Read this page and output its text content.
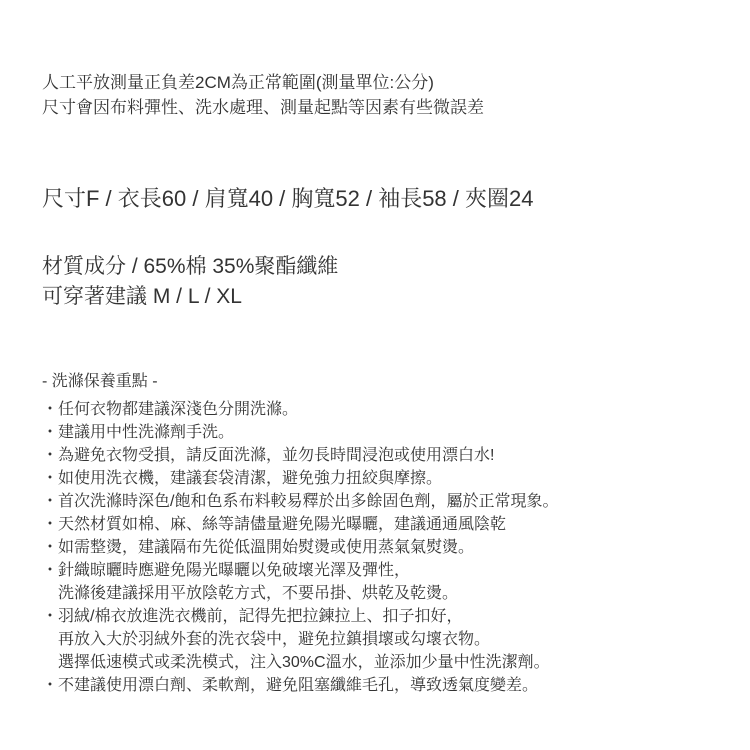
人工平放測量正負差2CM為正常範圍(測量單位:公分)
尺寸會因布料彈性、洗水處理、測量起點等因素有些微誤差
尺寸F / 衣長60 / 肩寬40 / 胸寬52 / 袖長58 / 夾圈24
材質成分 / 65%棉 35%聚酯纖維
可穿著建議 M / L / XL
- 洗滌保養重點 -
・任何衣物都建議深淺色分開洗滌。
・建議用中性洗滌劑手洗。
・為避免衣物受損，請反面洗滌，並勿長時間浸泡或使用漂白水!
・如使用洗衣機，建議套袋清潔，避免強力扭絞與摩擦。
・首次洗滌時深色/飽和色系布料較易釋於出多餘固色劑，屬於正常現象。
・天然材質如棉、麻、絲等請儘量避免陽光曝曬，建議通通風陰乾
・如需整燙，建議隔布先從低溫開始熨燙或使用蒸氣氣熨燙。
・針織晾曬時應避免陽光曝曬以免破壞光澤及彈性，
洗滌後建議採用平放陰乾方式，不要吊掛、烘乾及乾燙。
・羽絨/棉衣放進洗衣機前，記得先把拉鍊拉上、扣子扣好，
再放入大於羽絨外套的洗衣袋中，避免拉鎮損壞或勾壞衣物。
選擇低速模式或柔洗模式，注入30%C溫水，並添加少量中性洗潔劑。
・不建議使用漂白劑、柔軟劑，避免阻塞纖維毛孔，導致透氣度變差。
